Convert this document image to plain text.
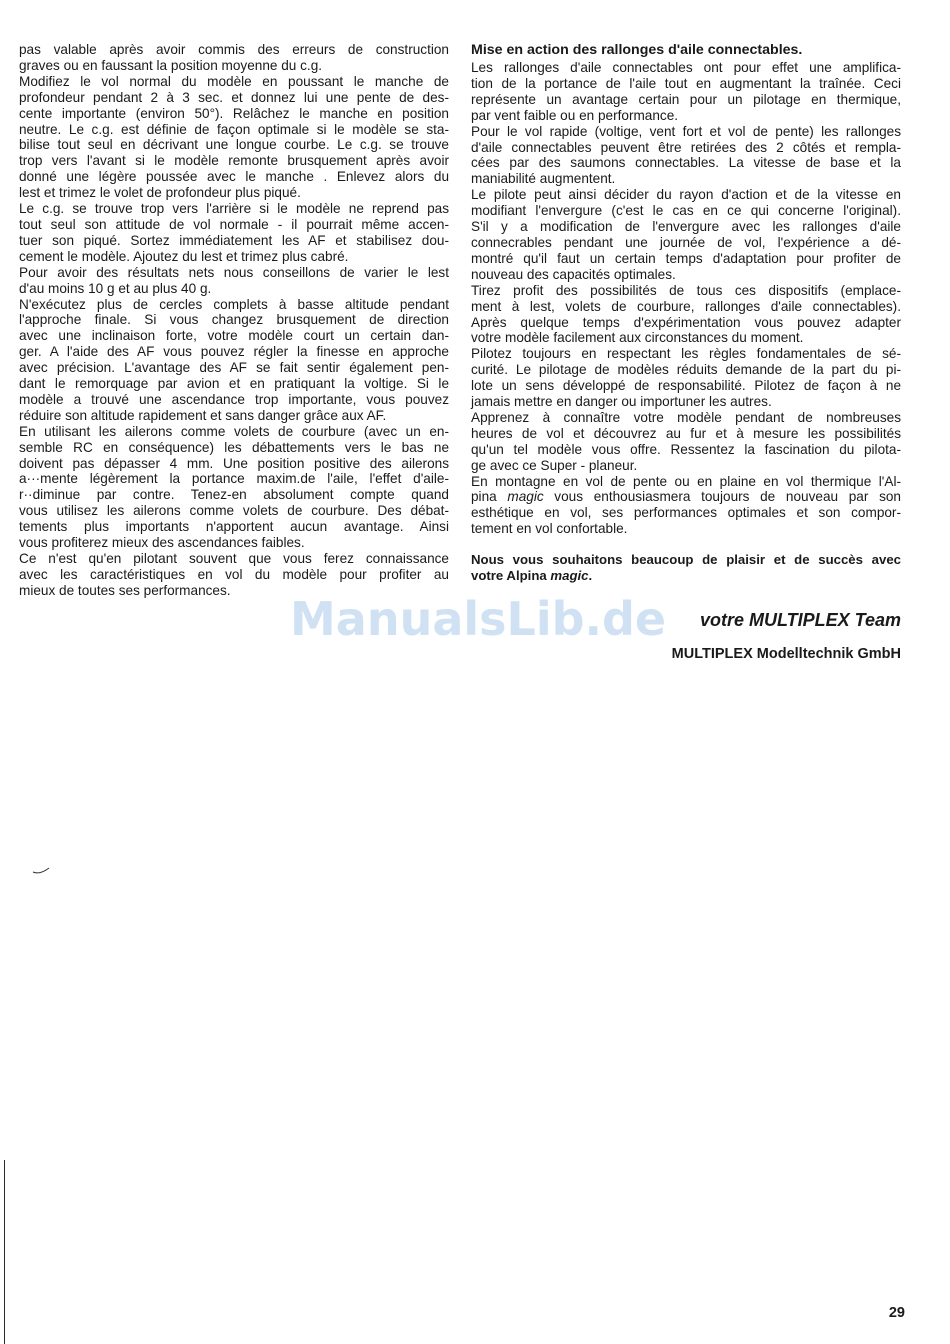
pas valable après avoir commis des erreurs de construction
graves ou en faussant la position moyenne du c.g.
Modifiez le vol normal du modèle en poussant le manche de
profondeur pendant 2 à 3 sec. et donnez lui une pente de des-
cente importante (environ 50°). Relâchez le manche en position
neutre. Le c.g. est définie de façon optimale si le modèle se sta-
bilise tout seul en décrivant une longue courbe. Le c.g. se trouve
trop vers l'avant si le modèle remonte brusquement après avoir
donné une légère poussée avec le manche . Enlevez alors du
lest et trimez le volet de profondeur plus piqué.
Le c.g. se trouve trop vers l'arrière si le modèle ne reprend pas
tout seul son attitude de vol normale - il pourrait même accen-
tuer son piqué. Sortez immédiatement les AF et stabilisez dou-
cement le modèle. Ajoutez du lest et trimez plus cabré.
Pour avoir des résultats nets nous conseillons de varier le lest
d'au moins 10 g et au plus 40 g.
N'exécutez plus de cercles complets à basse altitude pendant
l'approche finale. Si vous changez brusquement de direction
avec une inclinaison forte, votre modèle court un certain dan-
ger. A l'aide des AF vous pouvez régler la finesse en approche
avec précision. L'avantage des AF se fait sentir également pen-
dant le remorquage par avion et en pratiquant la voltige. Si le
modèle a trouvé une ascendance trop importante, vous pouvez
réduire son altitude rapidement et sans danger grâce aux AF.
En utilisant les ailerons comme volets de courbure (avec un en-
semble RC en conséquence) les débattements vers le bas ne
doivent pas dépasser 4 mm. Une position positive des ailerons
a···mente légèrement la portance maxim.de l'aile, l'effet d'aile-
r··diminue par contre. Tenez-en absolument compte quand
vous utilisez les ailerons comme volets de courbure. Des débat-
tements plus importants n'apportent aucun avantage. Ainsi
vous profiterez mieux des ascendances faibles.
Ce n'est qu'en pilotant souvent que vous ferez connaissance
avec les caractéristiques en vol du modèle pour profiter au
mieux de toutes ses performances.
Mise en action des rallonges d'aile connectables.
Les rallonges d'aile connectables ont pour effet une amplifica-
tion de la portance de l'aile tout en augmentant la traînée. Ceci
représente un avantage certain pour un pilotage en thermique,
par vent faible ou en performance.
Pour le vol rapide (voltige, vent fort et vol de pente) les rallonges
d'aile connectables peuvent être retirées des 2 côtés et rempla-
cées par des saumons connectables. La vitesse de base et la
maniabilité augmentent.
Le pilote peut ainsi décider du rayon d'action et de la vitesse en
modifiant l'envergure (c'est le cas en ce qui concerne l'original).
S'il y a modification de l'envergure avec les rallonges d'aile
connecrables pendant une journée de vol, l'expérience a dé-
montré qu'il faut un certain temps d'adaptation pour profiter de
nouveau des capacités optimales.
Tirez profit des possibilités de tous ces dispositifs (emplace-
ment à lest, volets de courbure, rallonges d'aile connectables).
Après quelque temps d'expérimentation vous pouvez adapter
votre modèle facilement aux circonstances du moment.
Pilotez toujours en respectant les règles fondamentales de sé-
curité. Le pilotage de modèles réduits demande de la part du pi-
lote un sens développé de responsabilité. Pilotez de façon à ne
jamais mettre en danger ou importuner les autres.
Apprenez à connaître votre modèle pendant de nombreuses
heures de vol et découvrez au fur et à mesure les possibilités
qu'un tel modèle vous offre. Ressentez la fascination du pilota-
ge avec ce Super - planeur.
En montagne en vol de pente ou en plaine en vol thermique l'Al-
pina magic vous enthousiasmera toujours de nouveau par son
esthétique en vol, ses performances optimales et son compor-
tement en vol confortable.
Nous vous souhaitons beaucoup de plaisir et de succès avec
votre Alpina magic.
ManualsLib.de	votre MULTIPLEX Team
MULTIPLEX Modelltechnik GmbH
29
